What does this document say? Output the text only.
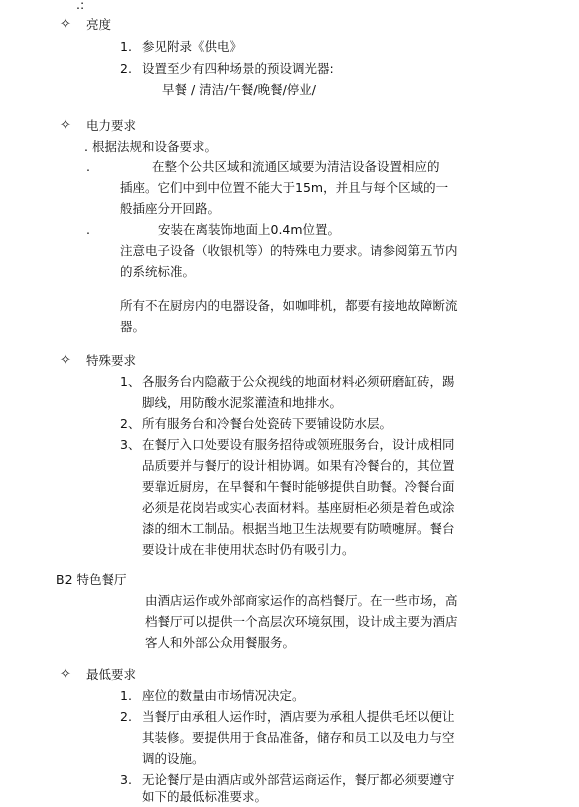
.:
✧ 亮度
1. 参见附录《供电》
2. 设置至少有四种场景的预设调光器:
早餐 / 清洁/午餐/晚餐/停业/
✧ 电力要求
. 根据法规和设备要求。
.	在整个公共区域和流通区域要为清洁设备设置相应的
插座。它们中到中位置不能大于15m，并且与每个区域的一
般插座分开回路。
.	安装在离装饰地面上0.4m位置。
注意电子设备（收银机等）的特殊电力要求。请参阅第五节内
的系统标准。
所有不在厨房内的电器设备，如咖啡机，都要有接地故障断流
器。
✧ 特殊要求
1、 各服务台内隐蔽于公众视线的地面材料必须研磨缸砖，踢
脚线，用防酸水泥浆灌渣和地排水。
2、 所有服务台和冷餐台处瓷砖下要铺设防水层。
3、 在餐厅入口处要设有服务招待或领班服务台，设计成相同
品质要并与餐厅的设计相协调。如果有冷餐台的，其位置
要靠近厨房，在早餐和午餐时能够提供自助餐。冷餐台面
必须是花岗岩或实心表面材料。基座厨柜必须是着色或涂
漆的细木工制品。根据当地卫生法规要有防喷嚏屏。餐台
要设计成在非使用状态时仍有吸引力。
B2 特色餐厅
由酒店运作或外部商家运作的高档餐厅。在一些市场，高
档餐厅可以提供一个高层次环境氛围，设计成主要为酒店
客人和外部公众用餐服务。
✧ 最低要求
1. 座位的数量由市场情况决定。
2. 当餐厅由承租人运作时，酒店要为承租人提供毛坯以便让
其装修。要提供用于食品准备，储存和员工以及电力与空
调的设施。
3. 无论餐厅是由酒店或外部营运商运作，餐厅都必须要遵守
如下的最低标准要求。
